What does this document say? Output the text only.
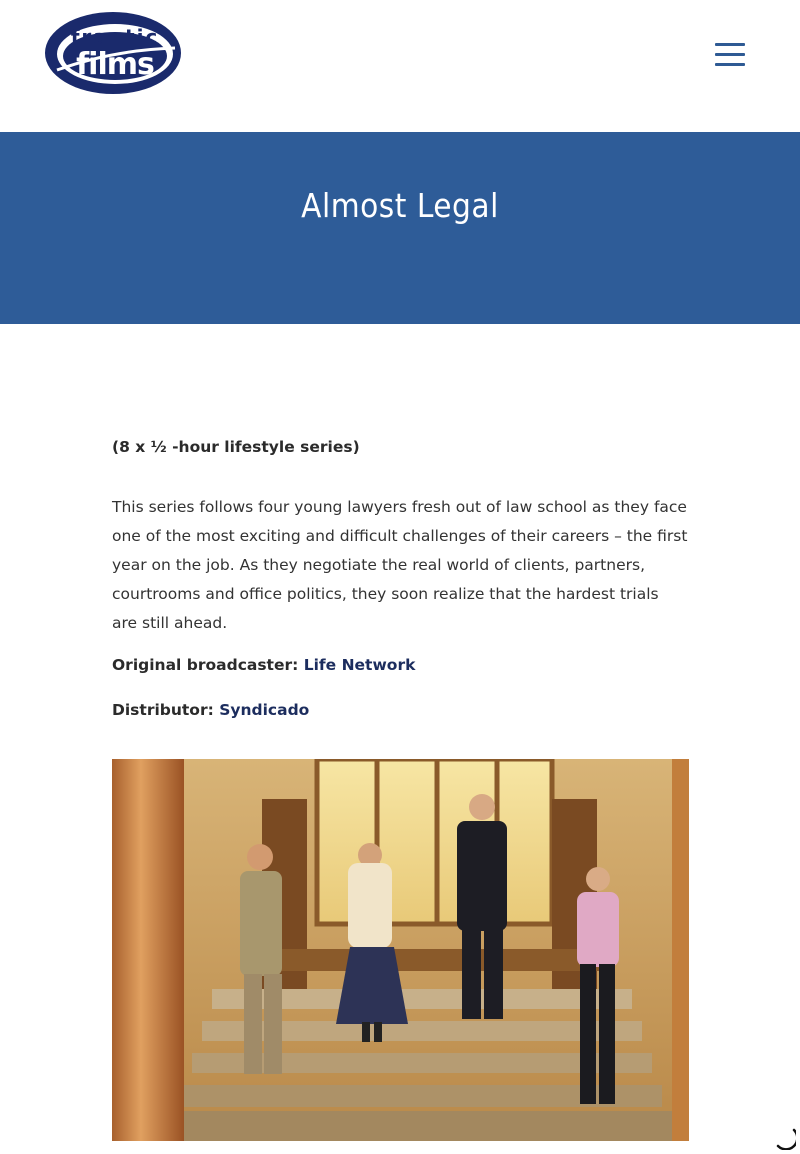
frantic
films
Almost Legal

(8 x ½ -hour lifestyle series)

This series follows four young lawyers fresh out of law school as they face one of the most exciting and difficult challenges of their careers – the first year on the job. As they negotiate the real world of clients, partners, courtrooms and office politics, they soon realize that the hardest trials are still ahead.

Original broadcaster: Life Network

Distributor: Syndicado
